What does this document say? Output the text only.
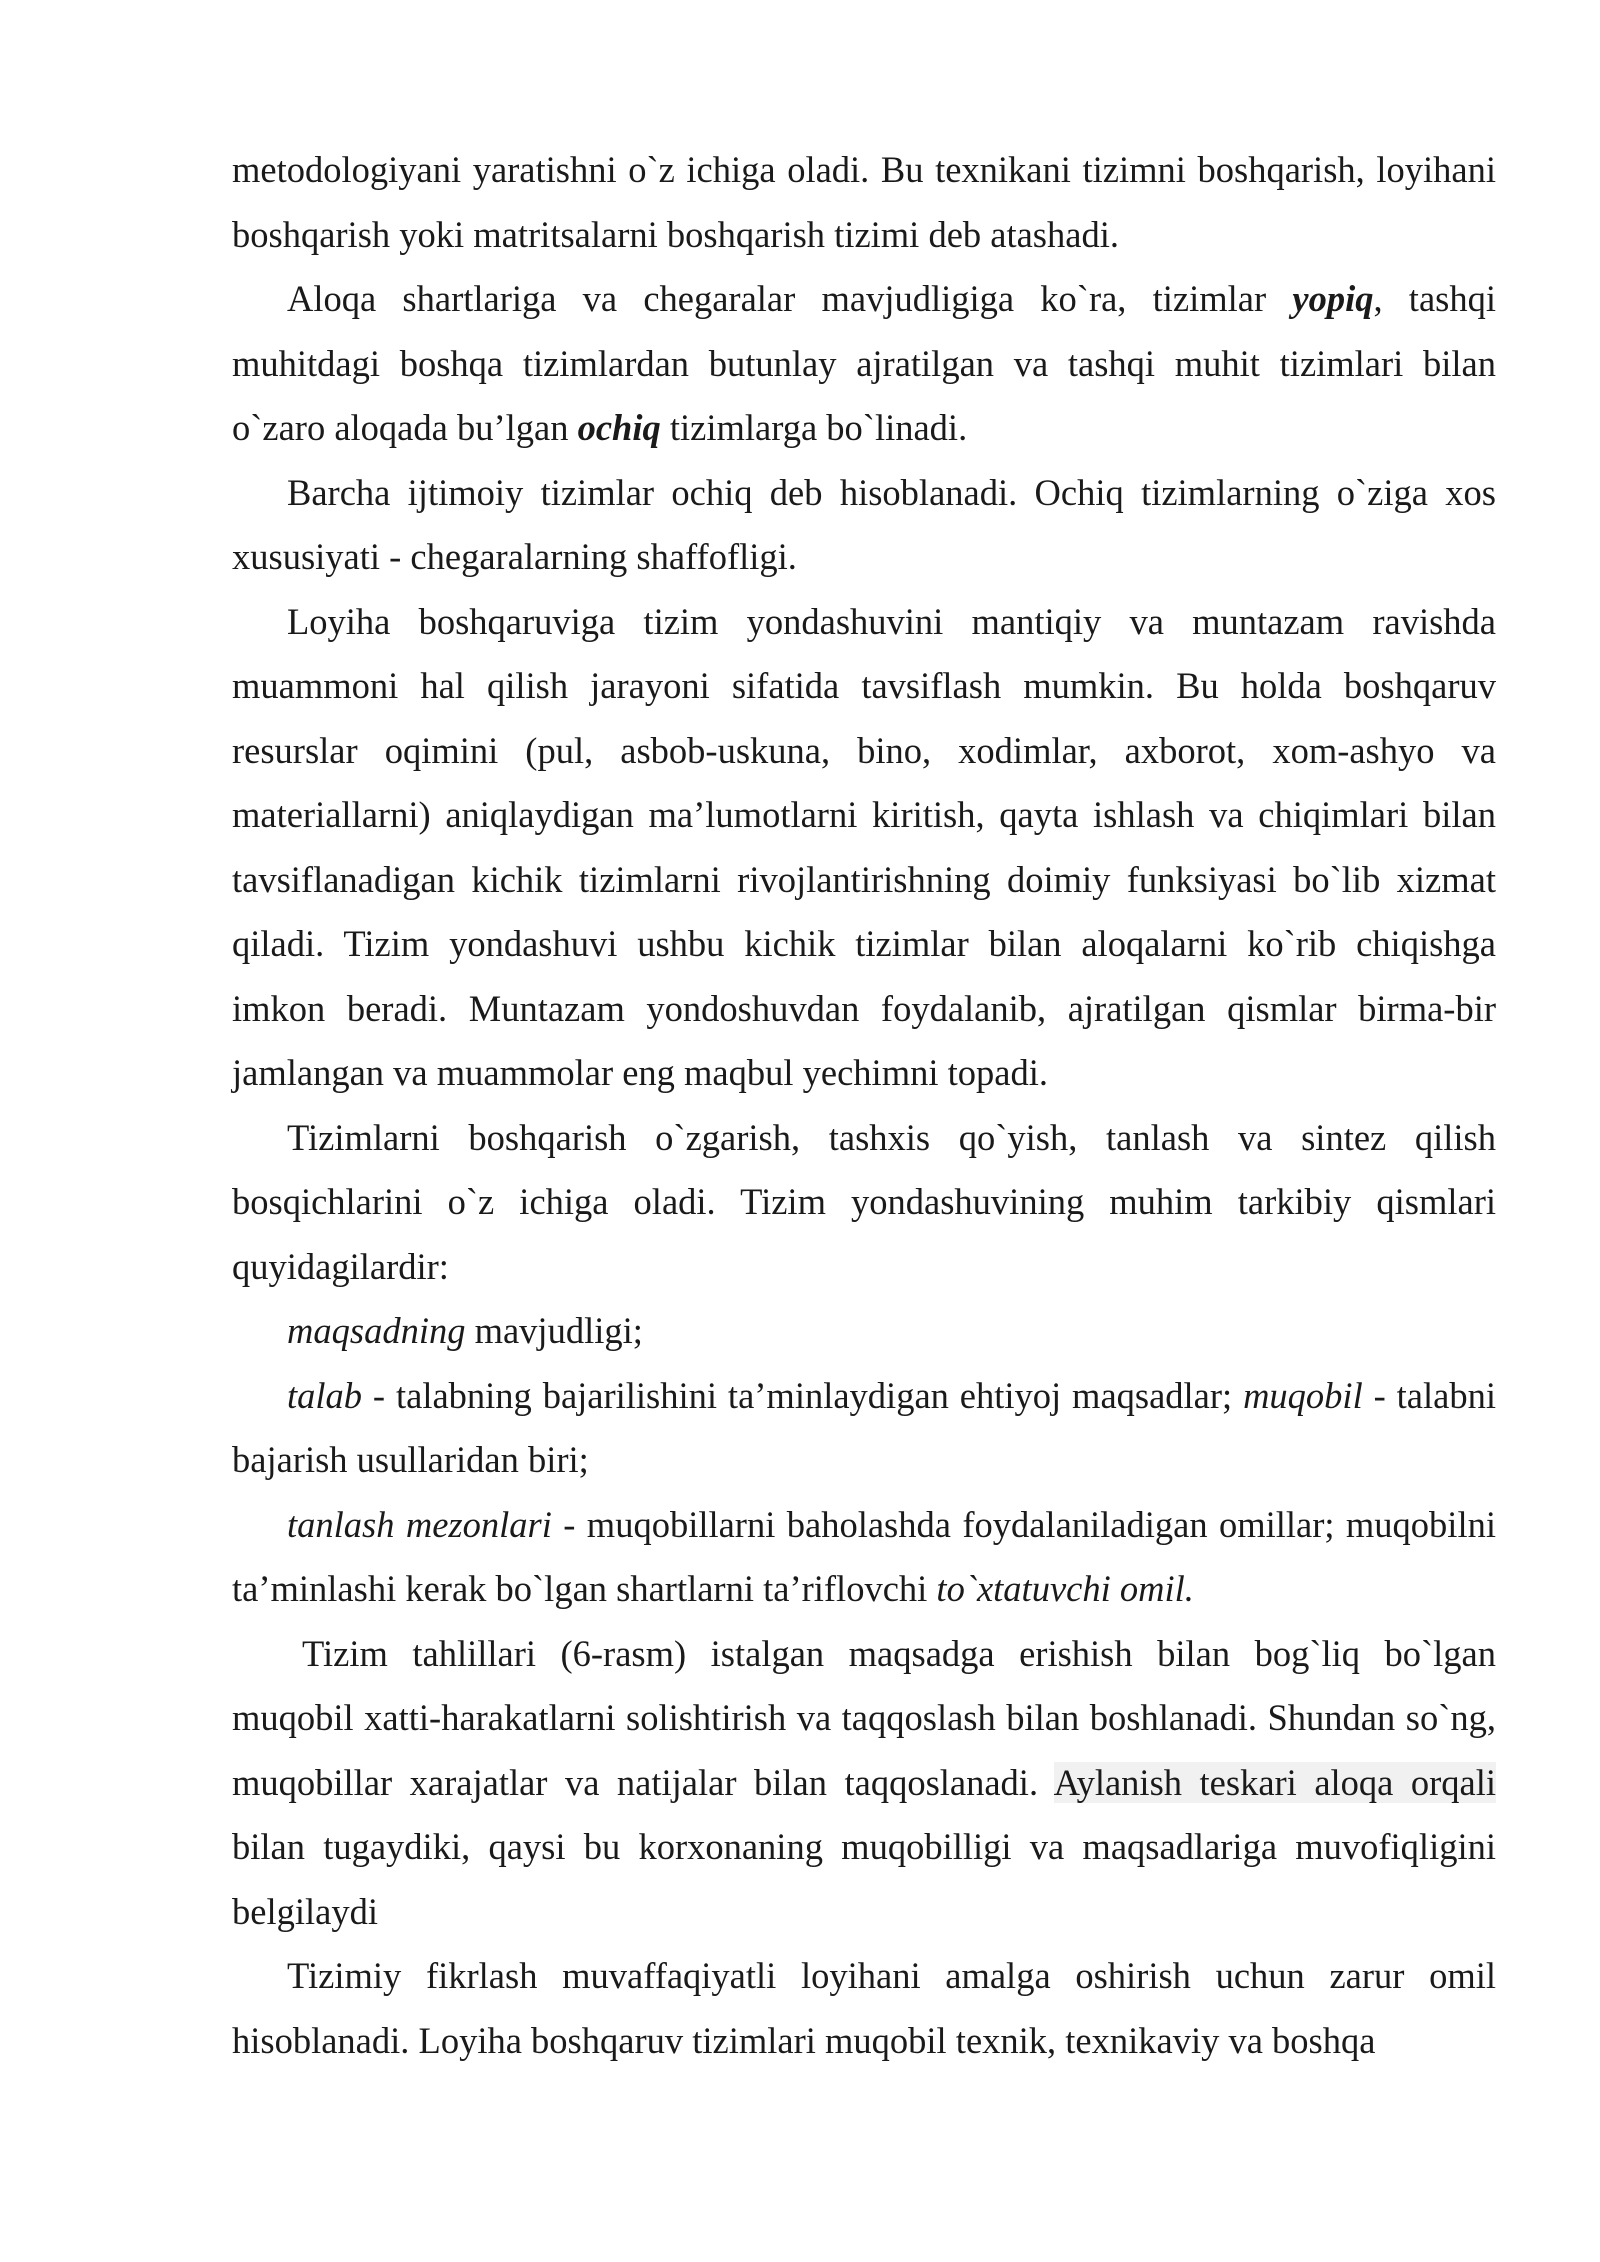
metodologiyani yaratishni o`z ichiga oladi. Bu texnikani tizimni boshqarish, loyihani boshqarish yoki matritsalarni boshqarish tizimi deb atashadi.

Aloqa shartlariga va chegaralar mavjudligiga ko`ra, tizimlar yopiq, tashqi muhitdagi boshqa tizimlardan butunlay ajratilgan va tashqi muhit tizimlari bilan o`zaro aloqada bu’lgan ochiq tizimlarga bo`linadi.

Barcha ijtimoiy tizimlar ochiq deb hisoblanadi. Ochiq tizimlarning o`ziga xos xususiyati - chegaralarning shaffofligi.

Loyiha boshqaruviga tizim yondashuvini mantiqiy va muntazam ravishda muammoni hal qilish jarayoni sifatida tavsiflash mumkin. Bu holda boshqaruv resurslar oqimini (pul, asbob-uskuna, bino, xodimlar, axborot, xom-ashyo va materiallarni) aniqlaydigan ma’lumotlarni kiritish, qayta ishlash va chiqimlari bilan tavsiflanadigan kichik tizimlarni rivojlantirishning doimiy funksiyasi bo`lib xizmat qiladi. Tizim yondashuvi ushbu kichik tizimlar bilan aloqalarni ko`rib chiqishga imkon beradi. Muntazam yondoshuvdan foydalanib, ajratilgan qismlar birma-bir jamlangan va muammolar eng maqbul yechimni topadi.

Tizimlarni boshqarish o`zgarish, tashxis qo`yish, tanlash va sintez qilish bosqichlarini o`z ichiga oladi. Tizim yondashuvining muhim tarkibiy qismlari quyidagilardir:

maqsadning mavjudligi;

talab - talabning bajarilishini ta’minlaydigan ehtiyoj maqsadlar; muqobil - talabni bajarish usullaridan biri;

tanlash mezonlari - muqobillarni baholashda foydalaniladigan omillar; muqobilni ta’minlashi kerak bo`lgan shartlarni ta’riflovchi to`xtatuvchi omil.

Tizim tahlillari (6-rasm) istalgan maqsadga erishish bilan bog`liq bo`lgan muqobil xatti-harakatlarni solishtirish va taqqoslash bilan boshlanadi. Shundan so`ng, muqobillar xarajatlar va natijalar bilan taqqoslanadi. Aylanish teskari aloqa orqali bilan tugaydiki, qaysi bu korxonaning muqobilligi va maqsadlariga muvofiqligini belgilaydi

Tizimiy fikrlash muvaffaqiyatli loyihani amalga oshirish uchun zarur omil hisoblanadi. Loyiha boshqaruv tizimlari muqobil texnik, texnikaviy va boshqa
